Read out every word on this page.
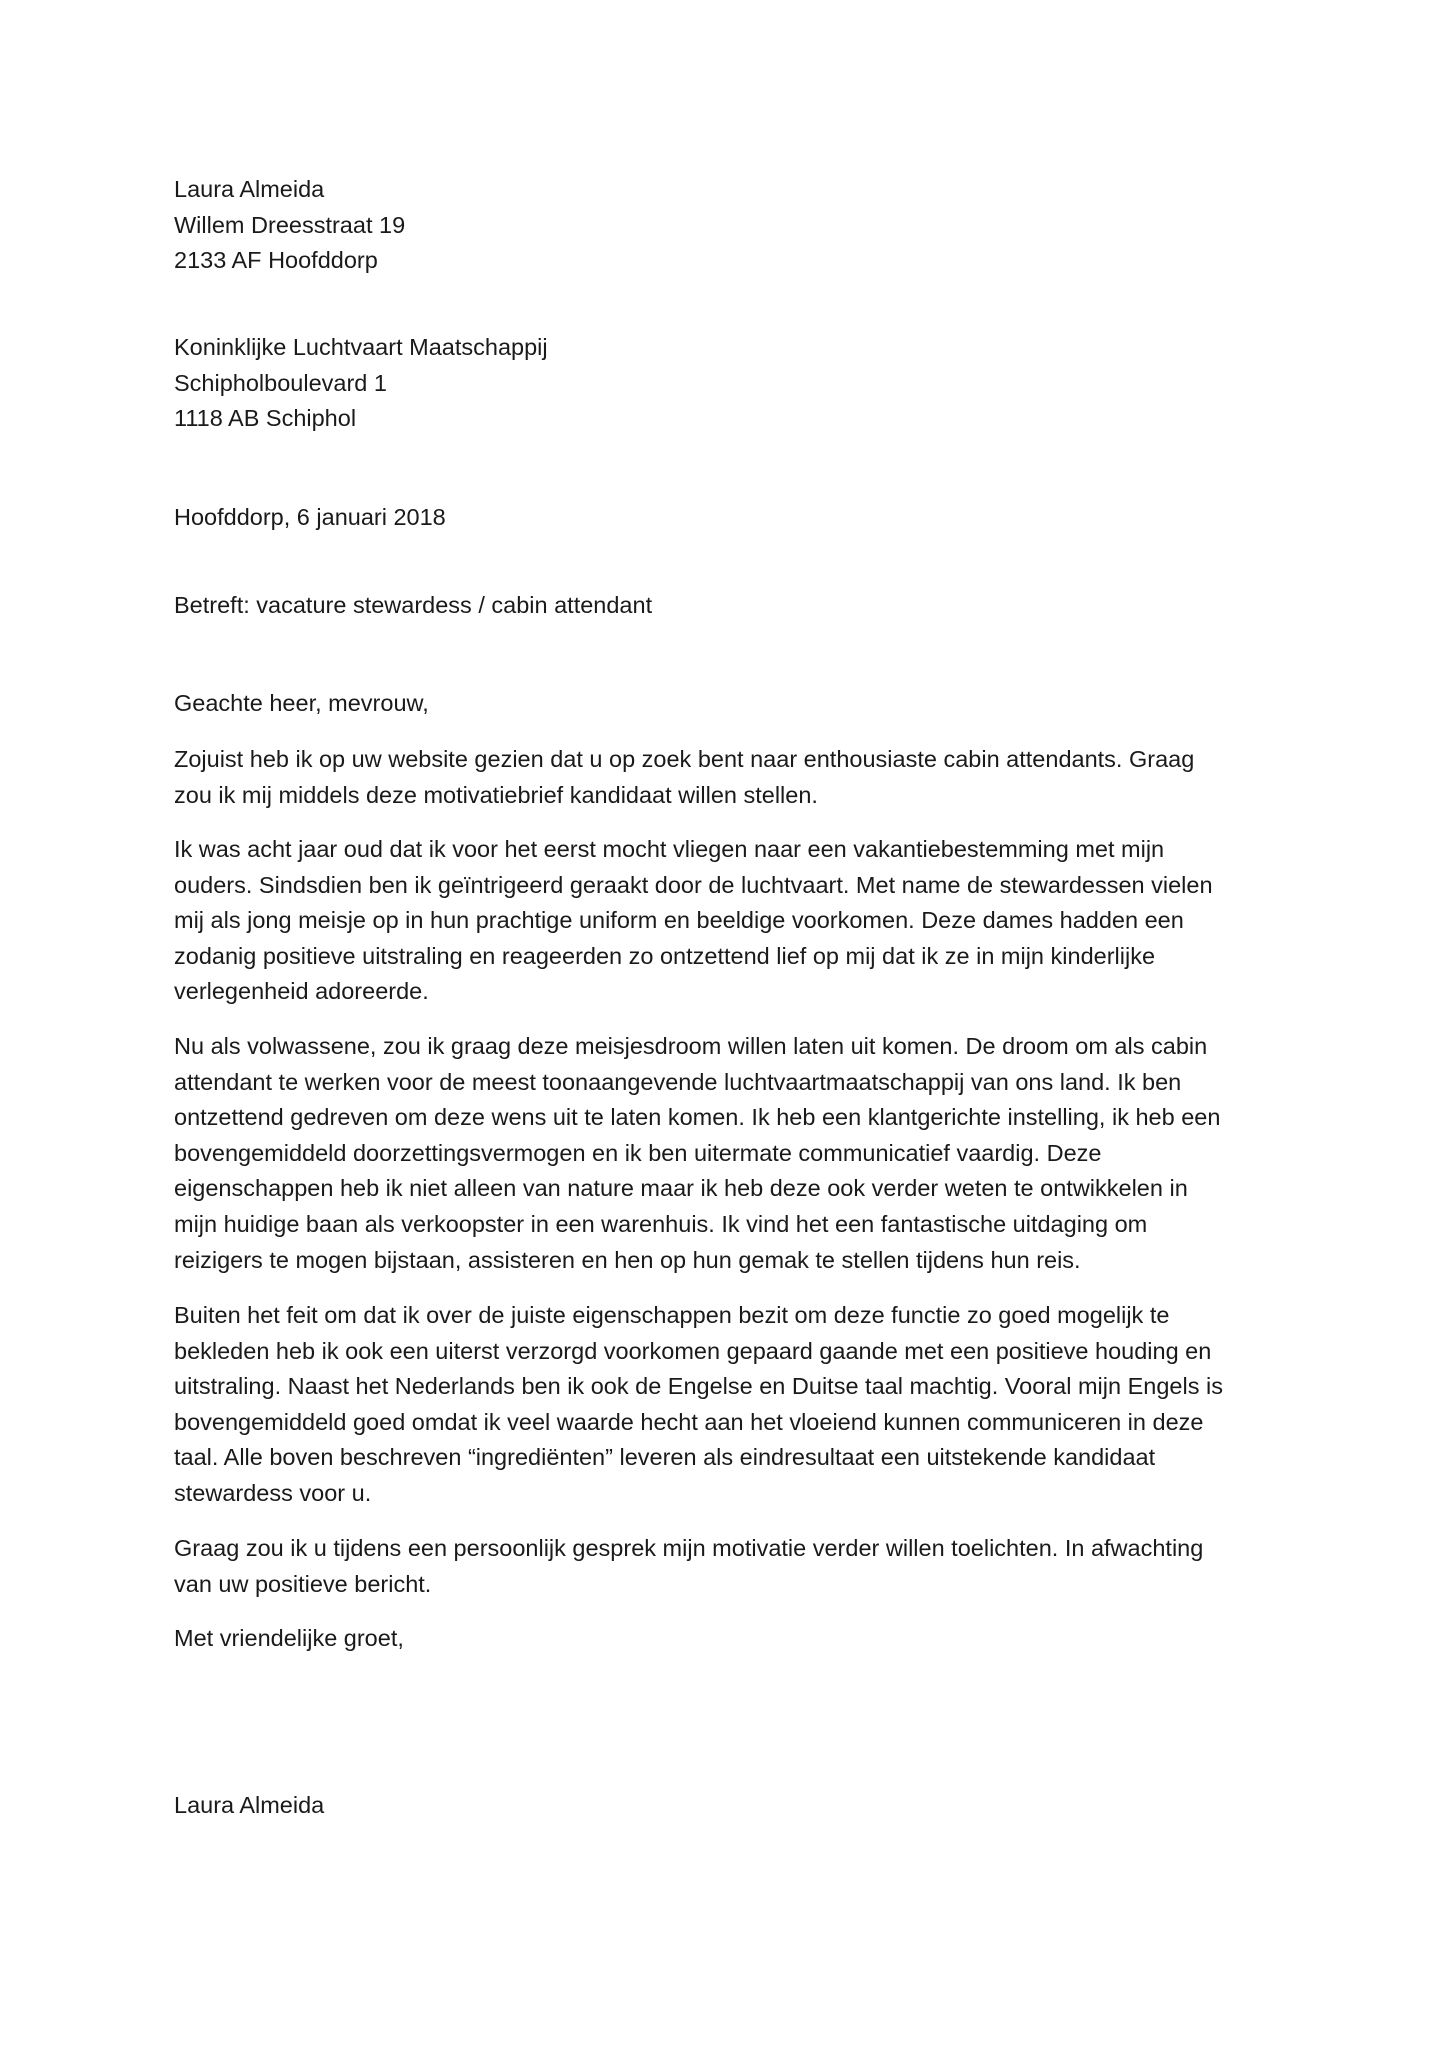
Laura Almeida
Willem Dreesstraat 19
2133 AF Hoofddorp
Koninklijke Luchtvaart Maatschappij
Schipholboulevard 1
1118 AB Schiphol
Hoofddorp, 6 januari 2018
Betreft: vacature stewardess / cabin attendant
Geachte heer, mevrouw,
Zojuist heb ik op uw website gezien dat u op zoek bent naar enthousiaste cabin attendants. Graag
zou ik mij middels deze motivatiebrief kandidaat willen stellen.
Ik was acht jaar oud dat ik voor het eerst mocht vliegen naar een vakantiebestemming met mijn
ouders. Sindsdien ben ik geïntrigeerd geraakt door de luchtvaart. Met name de stewardessen vielen
mij als jong meisje op in hun prachtige uniform en beeldige voorkomen. Deze dames hadden een
zodanig positieve uitstraling en reageerden zo ontzettend lief op mij dat ik ze in mijn kinderlijke
verlegenheid adoreerde.
Nu als volwassene, zou ik graag deze meisjesdroom willen laten uit komen. De droom om als cabin
attendant te werken voor de meest toonaangevende luchtvaartmaatschappij van ons land. Ik ben
ontzettend gedreven om deze wens uit te laten komen. Ik heb een klantgerichte instelling, ik heb een
bovengemiddeld doorzettingsvermogen en ik ben uitermate communicatief vaardig. Deze
eigenschappen heb ik niet alleen van nature maar ik heb deze ook verder weten te ontwikkelen in
mijn huidige baan als verkoopster in een warenhuis. Ik vind het een fantastische uitdaging om
reizigers te mogen bijstaan, assisteren en hen op hun gemak te stellen tijdens hun reis.
Buiten het feit om dat ik over de juiste eigenschappen bezit om deze functie zo goed mogelijk te
bekleden heb ik ook een uiterst verzorgd voorkomen gepaard gaande met een positieve houding en
uitstraling. Naast het Nederlands ben ik ook de Engelse en Duitse taal machtig. Vooral mijn Engels is
bovengemiddeld goed omdat ik veel waarde hecht aan het vloeiend kunnen communiceren in deze
taal. Alle boven beschreven “ingrediënten” leveren als eindresultaat een uitstekende kandidaat
stewardess voor u.
Graag zou ik u tijdens een persoonlijk gesprek mijn motivatie verder willen toelichten. In afwachting
van uw positieve bericht.
Met vriendelijke groet,
Laura Almeida
